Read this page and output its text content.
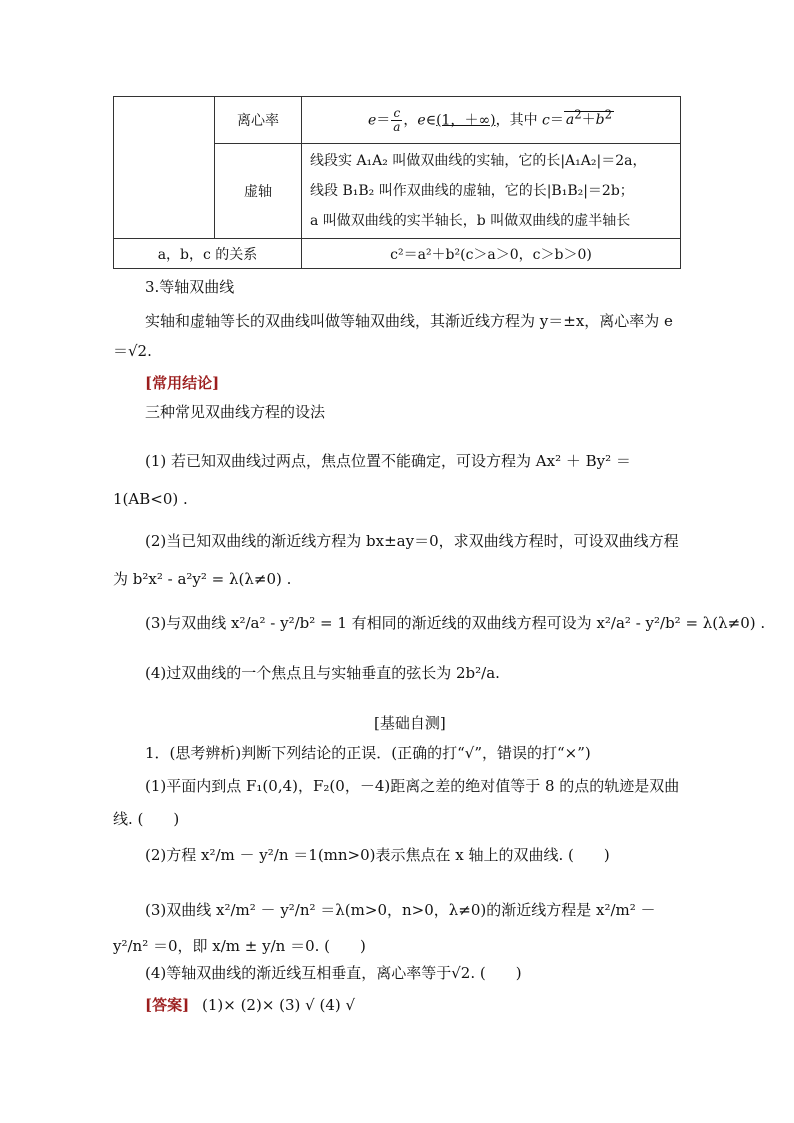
	离心率	$e= \frac{c}{a}$ ，e∈(1，＋∞)，其中 $c= a^2+b^2$
	虚轴	线段实 A₁A₂ 叫做双曲线的实轴，它的长|A₁A₂|＝2a，
线段 B₁B₂ 叫作双曲线的虚轴，它的长|B₁B₂|＝2b；
a 叫做双曲线的实半轴长，b 叫做双曲线的虚半轴长

a，b，c 的关系		c²＝a²＋b²(c＞a＞0，c＞b＞0)
3.等轴双曲线
实轴和虚轴等长的双曲线叫做等轴双曲线，其渐近线方程为 y＝±x，离心率为 e＝√2.
[常用结论]
三种常见双曲线方程的设法
(1) 若已知双曲线过两点，焦点位置不能确定，可设方程为 Ax² ＋ By² ＝ 1(AB<0) .
(2)当已知双曲线的渐近线方程为 bx±ay＝0，求双曲线方程时，可设双曲线方程为 b²x² - a²y² = λ(λ≠0) .
(3)与双曲线 x²/a² - y²/b² = 1 有相同的渐近线的双曲线方程可设为 x²/a² - y²/b² = λ(λ≠0) .
(4)过双曲线的一个焦点且与实轴垂直的弦长为 2b²/a.
[基础自测]
1．(思考辨析)判断下列结论的正误．(正确的打“√”，错误的打“×”)
(1)平面内到点 F₁(0,4)，F₂(0，－4)距离之差的绝对值等于 8 的点的轨迹是双曲线. (　　)
(2)方程 x²/m － y²/n ＝1(mn>0)表示焦点在 x 轴上的双曲线. (　　)
(3)双曲线 x²/m² － y²/n² ＝λ(m>0，n>0，λ≠0)的渐近线方程是 x²/m² － y²/n² ＝0，即 x/m ± y/n ＝0. (　　)
(4)等轴双曲线的渐近线互相垂直，离心率等于√2. (　　)
[答案] (1)× (2)× (3) √ (4) √
